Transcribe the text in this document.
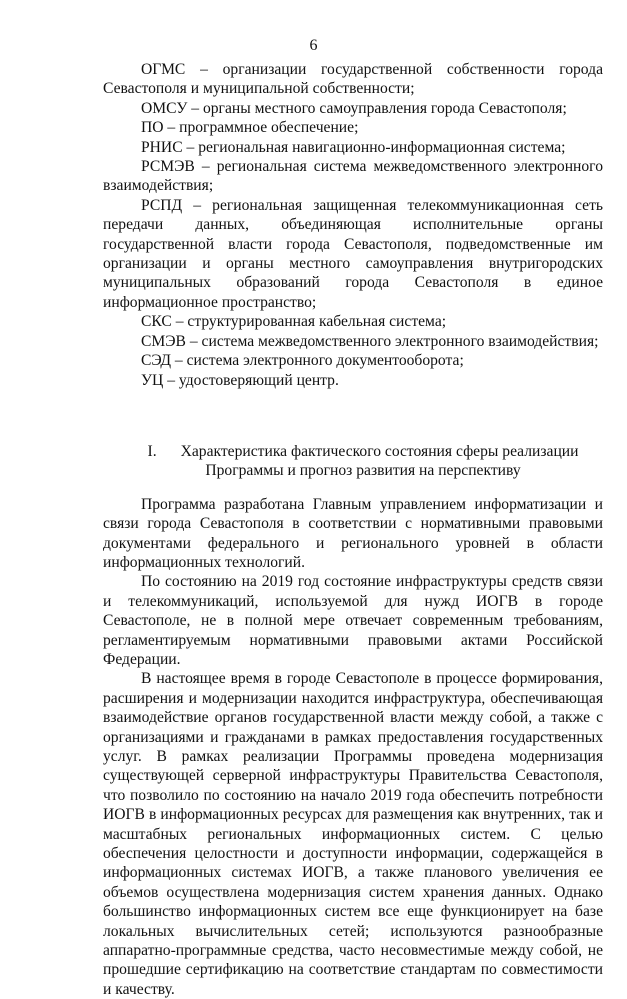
6

ОГМС – организации государственной собственности города Севастополя и муниципальной собственности;

ОМСУ – органы местного самоуправления города Севастополя;

ПО – программное обеспечение;

РНИС – региональная навигационно-информационная система;

РСМЭВ – региональная система межведомственного электронного взаимодействия;

РСПД – региональная защищенная телекоммуникационная сеть передачи данных, объединяющая исполнительные органы государственной власти города Севастополя, подведомственные им организации и органы местного самоуправления внутригородских муниципальных образований города Севастополя в единое информационное пространство;

СКС – структурированная кабельная система;

СМЭВ – система межведомственного электронного взаимодействия;

СЭД – система электронного документооборота;

УЦ – удостоверяющий центр.

I. Характеристика фактического состояния сферы реализации
Программы и прогноз развития на перспективу

Программа разработана Главным управлением информатизации и связи города Севастополя в соответствии с нормативными правовыми документами федерального и регионального уровней в области информационных технологий.

По состоянию на 2019 год состояние инфраструктуры средств связи и телекоммуникаций, используемой для нужд ИОГВ в городе Севастополе, не в полной мере отвечает современным требованиям, регламентируемым нормативными правовыми актами Российской Федерации.

В настоящее время в городе Севастополе в процессе формирования, расширения и модернизации находится инфраструктура, обеспечивающая взаимодействие органов государственной власти между собой, а также с организациями и гражданами в рамках предоставления государственных услуг. В рамках реализации Программы проведена модернизация существующей серверной инфраструктуры Правительства Севастополя, что позволило по состоянию на начало 2019 года обеспечить потребности ИОГВ в информационных ресурсах для размещения как внутренних, так и масштабных региональных информационных систем. С целью обеспечения целостности и доступности информации, содержащейся в информационных системах ИОГВ, а также планового увеличения ее объемов осуществлена модернизация систем хранения данных. Однако большинство информационных систем все еще функционирует на базе локальных вычислительных сетей; используются разнообразные аппаратно-программные средства, часто несовместимые между собой, не прошедшие сертификацию на соответствие стандартам по совместимости и качеству.
